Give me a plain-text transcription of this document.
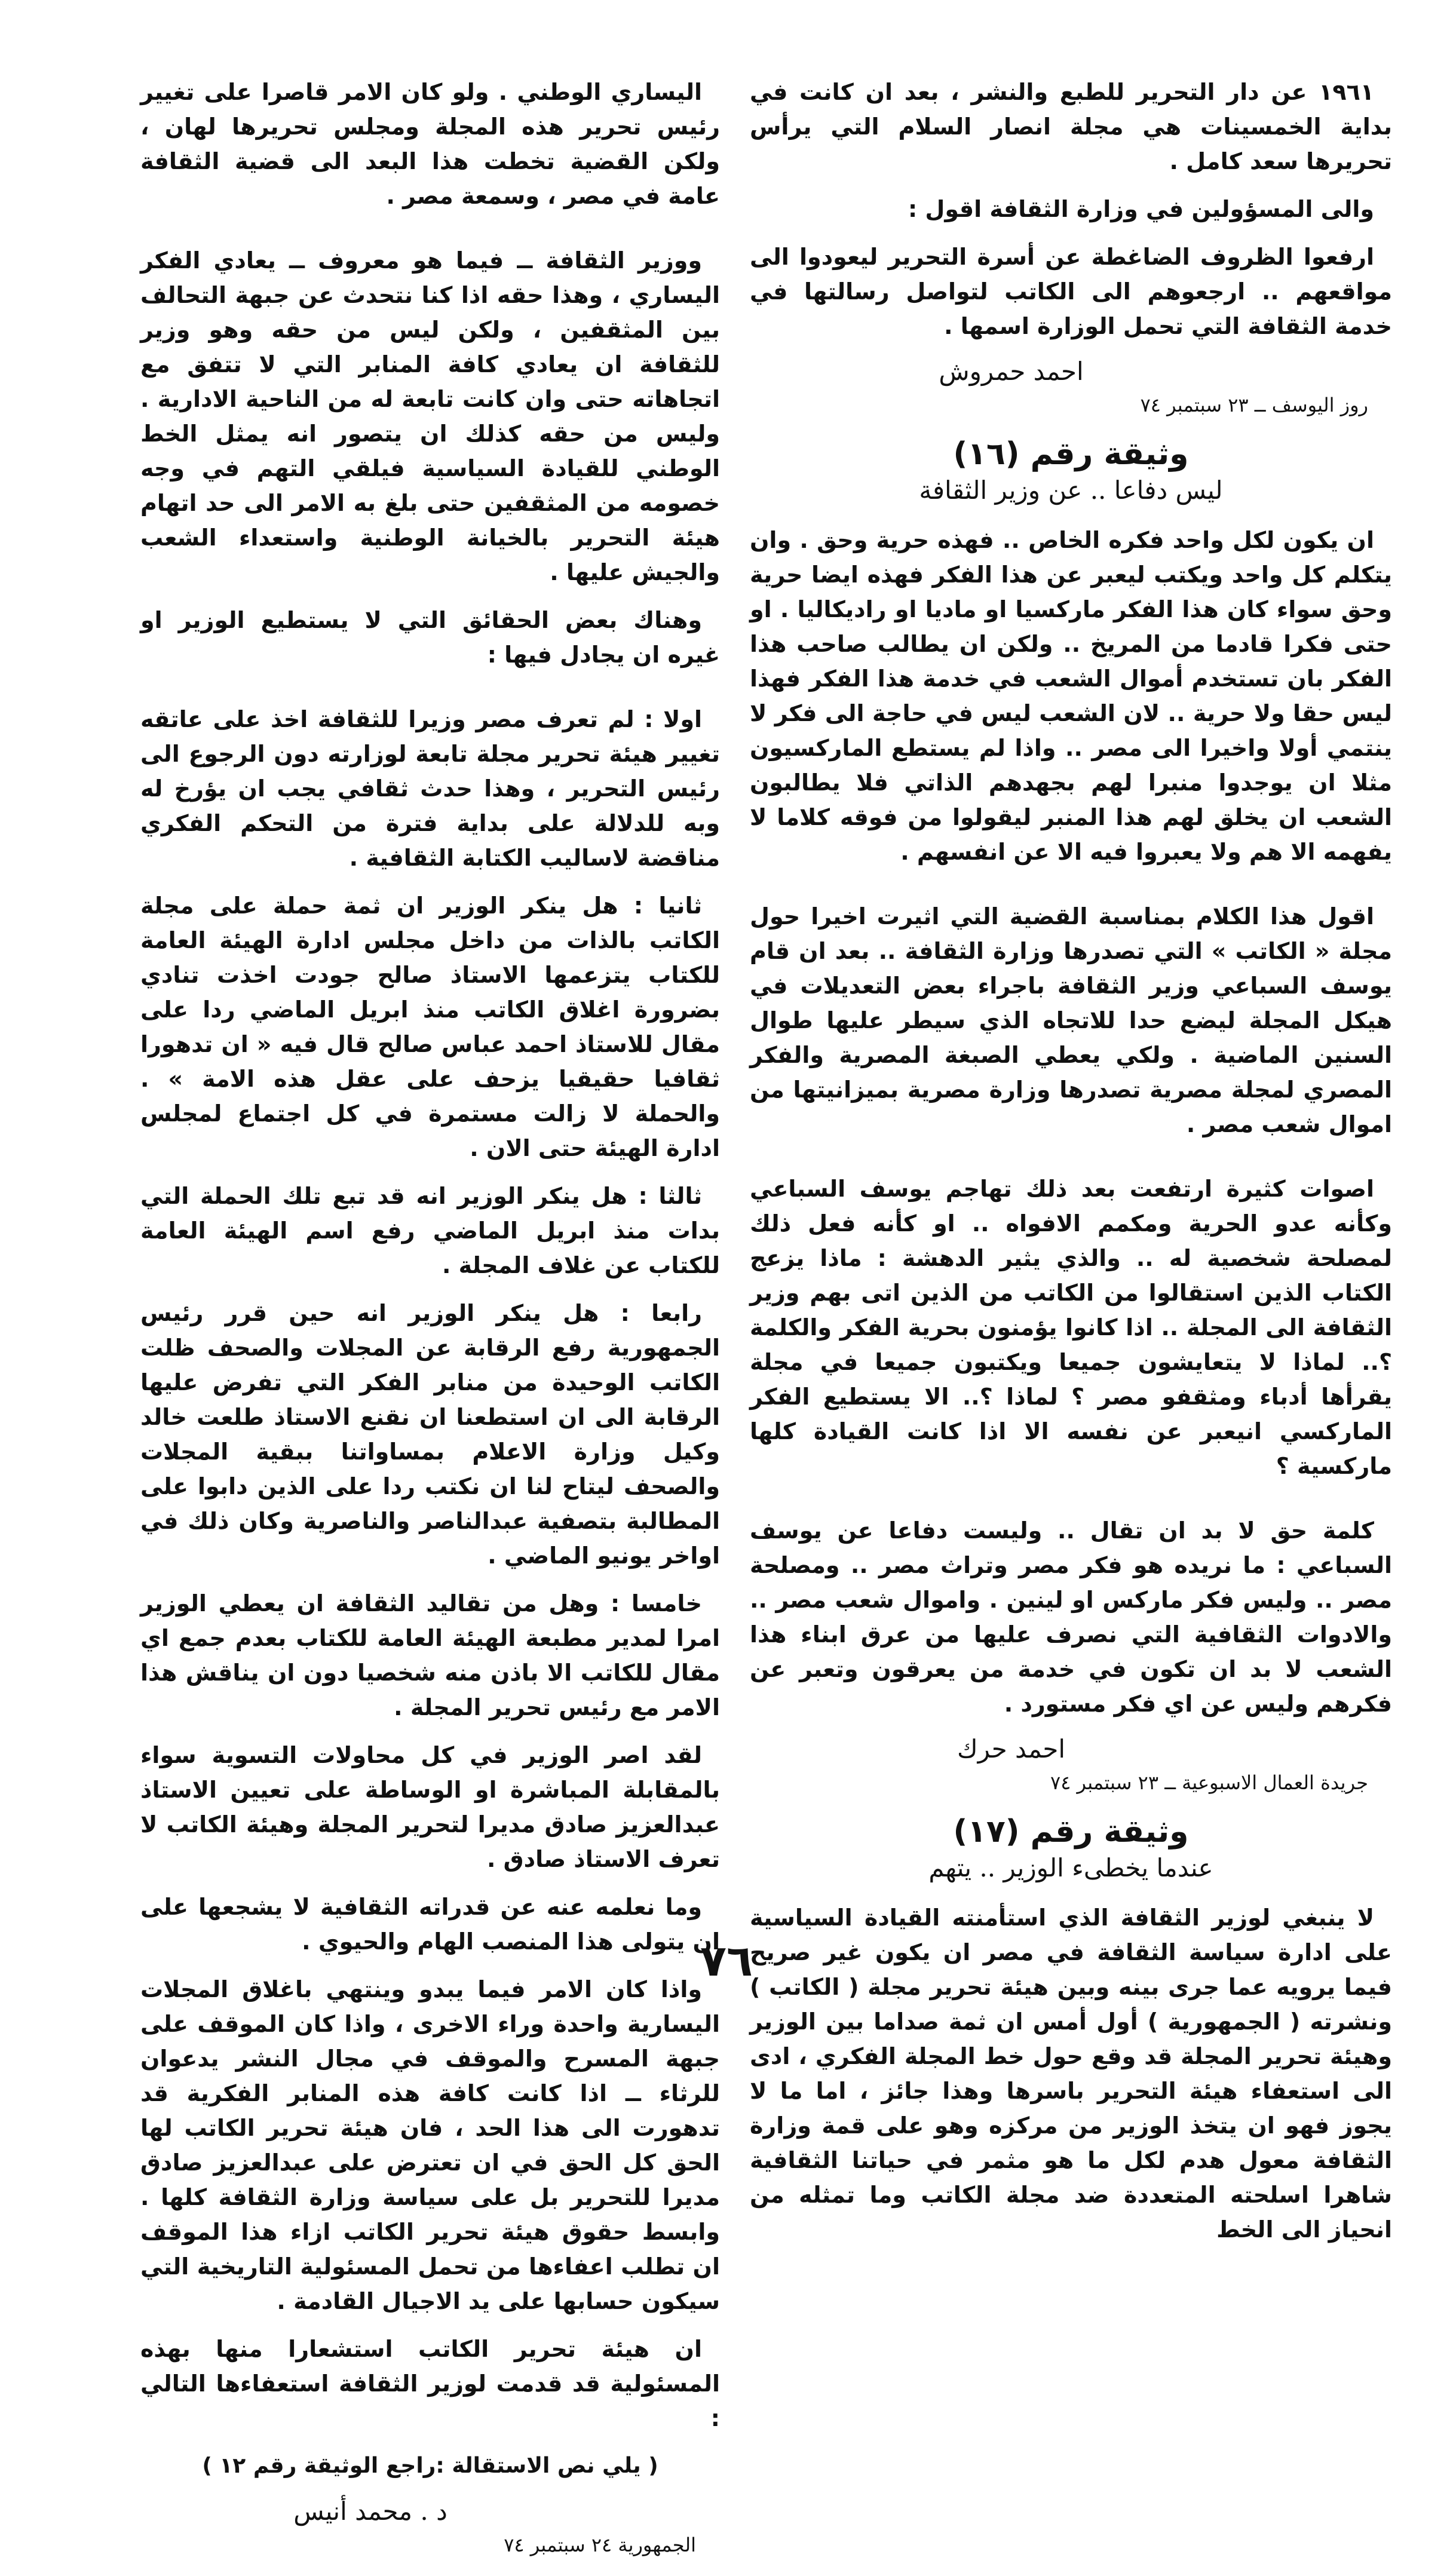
١٩٦١ عن دار التحرير للطبع والنشر ، بعد ان كانت في بداية الخمسينات هي مجلة انصار السلام التي يرأس تحريرها سعد كامل .

والى المسؤولين في وزارة الثقافة اقول :

ارفعوا الظروف الضاغطة عن أسرة التحرير ليعودوا الى مواقعهم .. ارجعوهم الى الكاتب لتواصل رسالتها في خدمة الثقافة التي تحمل الوزارة اسمها .

احمد حمروش
روز اليوسف ــ ٢٣ سبتمبر ٧٤
وثيقة رقم (١٦)
ليس دفاعا .. عن وزير الثقافة

ان يكون لكل واحد فكره الخاص .. فهذه حرية وحق . وان يتكلم كل واحد ويكتب ليعبر عن هذا الفكر فهذه ايضا حرية وحق سواء كان هذا الفكر ماركسيا او ماديا او راديكاليا . او حتى فكرا قادما من المريخ .. ولكن ان يطالب صاحب هذا الفكر بان تستخدم أموال الشعب في خدمة هذا الفكر فهذا ليس حقا ولا حرية .. لان الشعب ليس في حاجة الى فكر لا ينتمي أولا واخيرا الى مصر .. واذا لم يستطع الماركسيون مثلا ان يوجدوا منبرا لهم بجهدهم الذاتي فلا يطالبون الشعب ان يخلق لهم هذا المنبر ليقولوا من فوقه كلاما لا يفهمه الا هم ولا يعبروا فيه الا عن انفسهم .

اقول هذا الكلام بمناسبة القضية التي اثيرت اخيرا حول مجلة « الكاتب » التي تصدرها وزارة الثقافة .. بعد ان قام يوسف السباعي وزير الثقافة باجراء بعض التعديلات في هيكل المجلة ليضع حدا للاتجاه الذي سيطر عليها طوال السنين الماضية . ولكي يعطي الصبغة المصرية والفكر المصري لمجلة مصرية تصدرها وزارة مصرية بميزانيتها من اموال شعب مصر .

اصوات كثيرة ارتفعت بعد ذلك تهاجم يوسف السباعي وكأنه عدو الحرية ومكمم الافواه .. او كأنه فعل ذلك لمصلحة شخصية له .. والذي يثير الدهشة : ماذا يزعج الكتاب الذين استقالوا من الكاتب من الذين اتى بهم وزير الثقافة الى المجلة .. اذا كانوا يؤمنون بحرية الفكر والكلمة ؟.. لماذا لا يتعايشون جميعا ويكتبون جميعا في مجلة يقرأها أدباء ومثقفو مصر ؟ لماذا ؟.. الا يستطيع الفكر الماركسي انيعبر عن نفسه الا اذا كانت القيادة كلها ماركسية ؟

كلمة حق لا بد ان تقال .. وليست دفاعا عن يوسف السباعي : ما نريده هو فكر مصر وتراث مصر .. ومصلحة مصر .. وليس فكر ماركس او لينين . واموال شعب مصر .. والادوات الثقافية التي نصرف عليها من عرق ابناء هذا الشعب لا بد ان تكون في خدمة من يعرقون وتعبر عن فكرهم وليس عن اي فكر مستورد .

احمد حرك
جريدة العمال الاسبوعية ــ ٢٣ سبتمبر ٧٤
وثيقة رقم (١٧)
عندما يخطىء الوزير .. يتهم

لا ينبغي لوزير الثقافة الذي استأمنته القيادة السياسية على ادارة سياسة الثقافة في مصر ان يكون غير صريح فيما يرويه عما جرى بينه وبين هيئة تحرير مجلة ( الكاتب ) ونشرته ( الجمهورية ) أول أمس ان ثمة صداما بين الوزير وهيئة تحرير المجلة قد وقع حول خط المجلة الفكري ، ادى الى استعفاء هيئة التحرير باسرها وهذا جائز ، اما ما لا يجوز فهو ان يتخذ الوزير من مركزه وهو على قمة وزارة الثقافة معول هدم لكل ما هو مثمر في حياتنا الثقافية شاهرا اسلحته المتعددة ضد مجلة الكاتب وما تمثله من انحياز الى الخط

اليساري الوطني . ولو كان الامر قاصرا على تغيير رئيس تحرير هذه المجلة ومجلس تحريرها لهان ، ولكن القضية تخطت هذا البعد الى قضية الثقافة عامة في مصر ، وسمعة مصر .

ووزير الثقافة ــ فيما هو معروف ــ يعادي الفكر اليساري ، وهذا حقه اذا كنا نتحدث عن جبهة التحالف بين المثقفين ، ولكن ليس من حقه وهو وزير للثقافة ان يعادي كافة المنابر التي لا تتفق مع اتجاهاته حتى وان كانت تابعة له من الناحية الادارية . وليس من حقه كذلك ان يتصور انه يمثل الخط الوطني للقيادة السياسية فيلقي التهم في وجه خصومه من المثقفين حتى بلغ به الامر الى حد اتهام هيئة التحرير بالخيانة الوطنية واستعداء الشعب والجيش عليها .

وهناك بعض الحقائق التي لا يستطيع الوزير او غيره ان يجادل فيها :

اولا : لم تعرف مصر وزيرا للثقافة اخذ على عاتقه تغيير هيئة تحرير مجلة تابعة لوزارته دون الرجوع الى رئيس التحرير ، وهذا حدث ثقافي يجب ان يؤرخ له وبه للدلالة على بداية فترة من التحكم الفكري مناقضة لاساليب الكتابة الثقافية .

ثانيا : هل ينكر الوزير ان ثمة حملة على مجلة الكاتب بالذات من داخل مجلس ادارة الهيئة العامة للكتاب يتزعمها الاستاذ صالح جودت اخذت تنادي بضرورة اغلاق الكاتب منذ ابريل الماضي ردا على مقال للاستاذ احمد عباس صالح قال فيه « ان تدهورا ثقافيا حقيقيا يزحف على عقل هذه الامة » . والحملة لا زالت مستمرة في كل اجتماع لمجلس ادارة الهيئة حتى الان .

ثالثا : هل ينكر الوزير انه قد تبع تلك الحملة التي بدات منذ ابريل الماضي رفع اسم الهيئة العامة للكتاب عن غلاف المجلة .

رابعا : هل ينكر الوزير انه حين قرر رئيس الجمهورية رفع الرقابة عن المجلات والصحف ظلت الكاتب الوحيدة من منابر الفكر التي تفرض عليها الرقابة الى ان استطعنا ان نقنع الاستاذ طلعت خالد وكيل وزارة الاعلام بمساواتنا ببقية المجلات والصحف ليتاح لنا ان نكتب ردا على الذين دابوا على المطالبة بتصفية عبدالناصر والناصرية وكان ذلك في اواخر يونيو الماضي .

خامسا : وهل من تقاليد الثقافة ان يعطي الوزير امرا لمدير مطبعة الهيئة العامة للكتاب بعدم جمع اي مقال للكاتب الا باذن منه شخصيا دون ان يناقش هذا الامر مع رئيس تحرير المجلة .

لقد اصر الوزير في كل محاولات التسوية سواء بالمقابلة المباشرة او الوساطة على تعيين الاستاذ عبدالعزيز صادق مديرا لتحرير المجلة وهيئة الكاتب لا تعرف الاستاذ صادق .

وما نعلمه عنه عن قدراته الثقافية لا يشجعها على ان يتولى هذا المنصب الهام والحيوي .

واذا كان الامر فيما يبدو وينتهي باغلاق المجلات اليسارية واحدة وراء الاخرى ، واذا كان الموقف على جبهة المسرح والموقف في مجال النشر يدعوان للرثاء ــ اذا كانت كافة هذه المنابر الفكرية قد تدهورت الى هذا الحد ، فان هيئة تحرير الكاتب لها الحق كل الحق في ان تعترض على عبدالعزيز صادق مديرا للتحرير بل على سياسة وزارة الثقافة كلها . وابسط حقوق هيئة تحرير الكاتب ازاء هذا الموقف ان تطلب اعفاءها من تحمل المسئولية التاريخية التي سيكون حسابها على يد الاجيال القادمة .

ان هيئة تحرير الكاتب استشعارا منها بهذه المسئولية قد قدمت لوزير الثقافة استعفاءها التالي :

( يلي نص الاستقالة :راجع الوثيقة رقم ١٢ )

د . محمد أنيس
الجمهورية ٢٤ سبتمبر ٧٤
٧٦
